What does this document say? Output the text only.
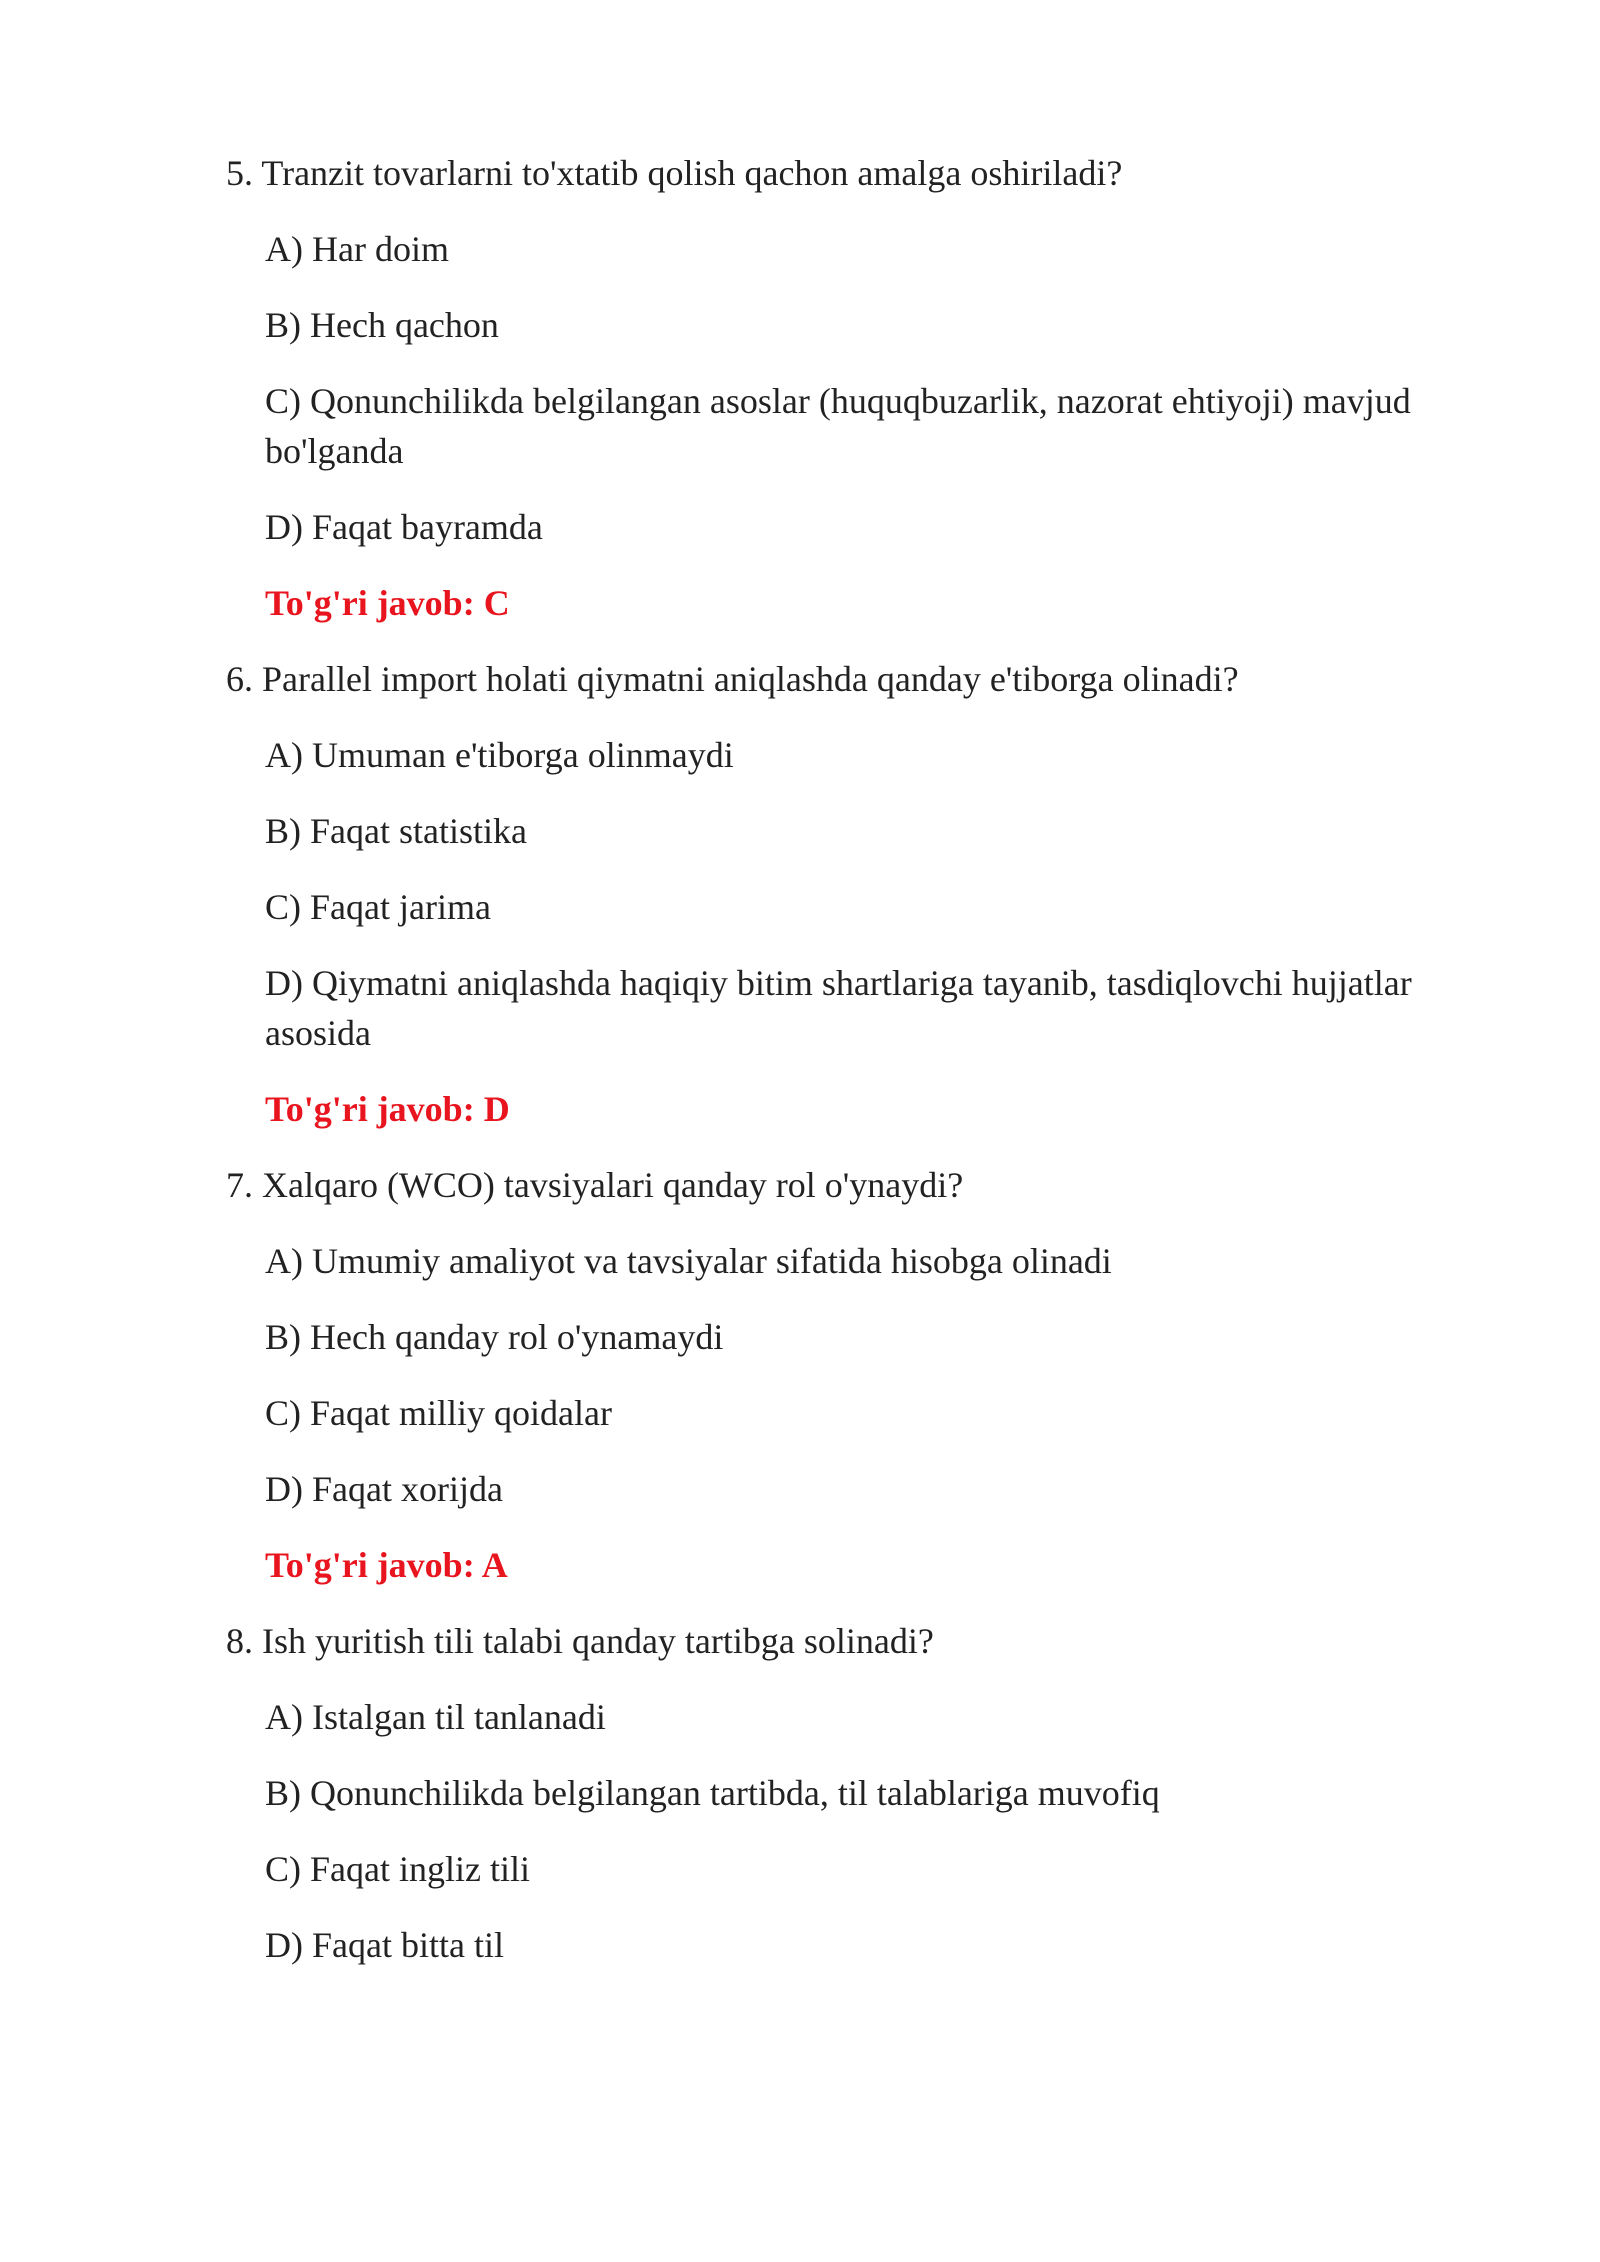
5. Tranzit tovarlarni to'xtatib qolish qachon amalga oshiriladi?
A) Har doim
B) Hech qachon
C) Qonunchilikda belgilangan asoslar (huquqbuzarlik, nazorat ehtiyoji) mavjud bo'lganda
D) Faqat bayramda
To'g'ri javob: C
6. Parallel import holati qiymatni aniqlashda qanday e'tiborga olinadi?
A) Umuman e'tiborga olinmaydi
B) Faqat statistika
C) Faqat jarima
D) Qiymatni aniqlashda haqiqiy bitim shartlariga tayanib, tasdiqlovchi hujjatlar asosida
To'g'ri javob: D
7. Xalqaro (WCO) tavsiyalari qanday rol o'ynaydi?
A) Umumiy amaliyot va tavsiyalar sifatida hisobga olinadi
B) Hech qanday rol o'ynamaydi
C) Faqat milliy qoidalar
D) Faqat xorijda
To'g'ri javob: A
8. Ish yuritish tili talabi qanday tartibga solinadi?
A) Istalgan til tanlanadi
B) Qonunchilikda belgilangan tartibda, til talablariga muvofiq
C) Faqat ingliz tili
D) Faqat bitta til
